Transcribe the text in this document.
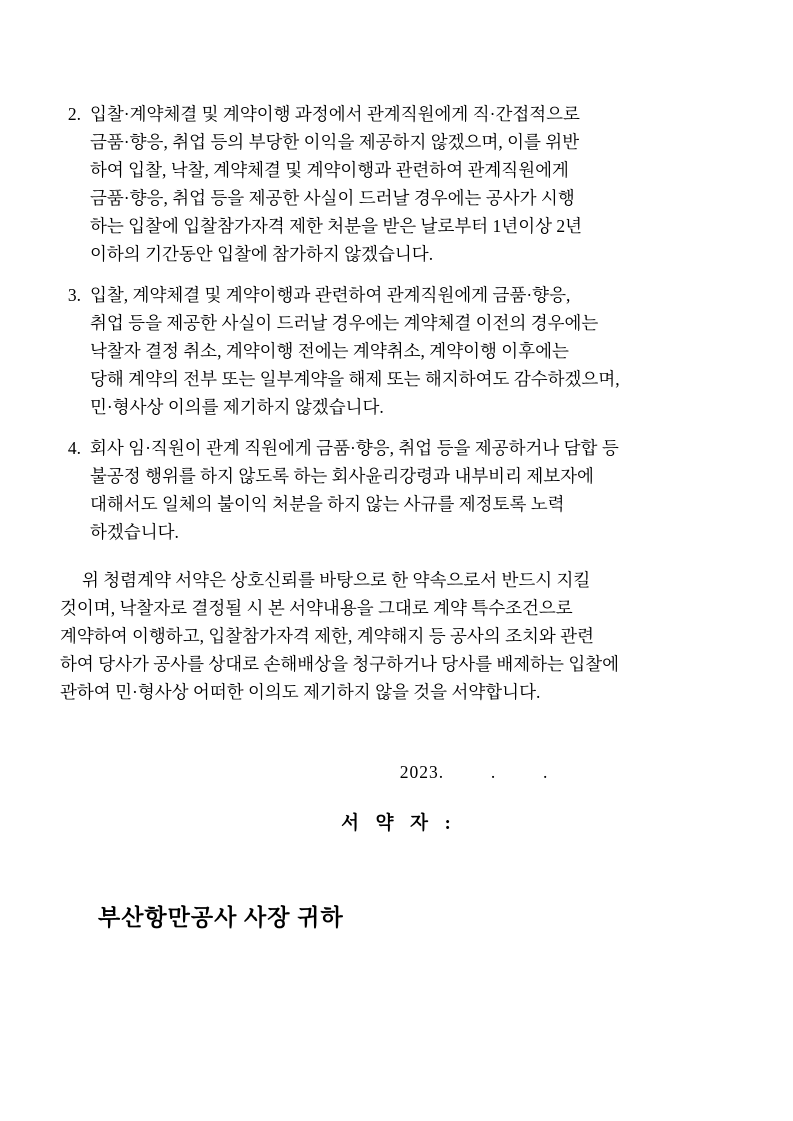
2. 입찰·계약체결 및 계약이행 과정에서 관계직원에게 직·간접적으로
금품·향응, 취업 등의 부당한 이익을 제공하지 않겠으며, 이를 위반
하여 입찰, 낙찰, 계약체결 및 계약이행과 관련하여 관계직원에게
금품·향응, 취업 등을 제공한 사실이 드러날 경우에는 공사가 시행
하는 입찰에 입찰참가자격 제한 처분을 받은 날로부터 1년이상 2년
이하의 기간동안 입찰에 참가하지 않겠습니다.
3. 입찰, 계약체결 및 계약이행과 관련하여 관계직원에게 금품·향응,
취업 등을 제공한 사실이 드러날 경우에는 계약체결 이전의 경우에는
낙찰자 결정 취소, 계약이행 전에는 계약취소, 계약이행 이후에는
당해 계약의 전부 또는 일부계약을 해제 또는 해지하여도 감수하겠으며,
민·형사상 이의를 제기하지 않겠습니다.
4. 회사 임·직원이 관계 직원에게 금품·향응, 취업 등을 제공하거나 담합 등
불공정 행위를 하지 않도록 하는 회사윤리강령과 내부비리 제보자에
대해서도 일체의 불이익 처분을 하지 않는 사규를 제정토록 노력
하겠습니다.
위 청렴계약 서약은 상호신뢰를 바탕으로 한 약속으로서 반드시 지킬
것이며, 낙찰자로 결정될 시 본 서약내용을 그대로 계약 특수조건으로
계약하여 이행하고, 입찰참가자격 제한, 계약해지 등 공사의 조치와 관련
하여 당사가 공사를 상대로 손해배상을 청구하거나 당사를 배제하는 입찰에
관하여 민·형사상 어떠한 이의도 제기하지 않을 것을 서약합니다.
2023.	.	.
서 약 자 :
부산항만공사 사장 귀하
